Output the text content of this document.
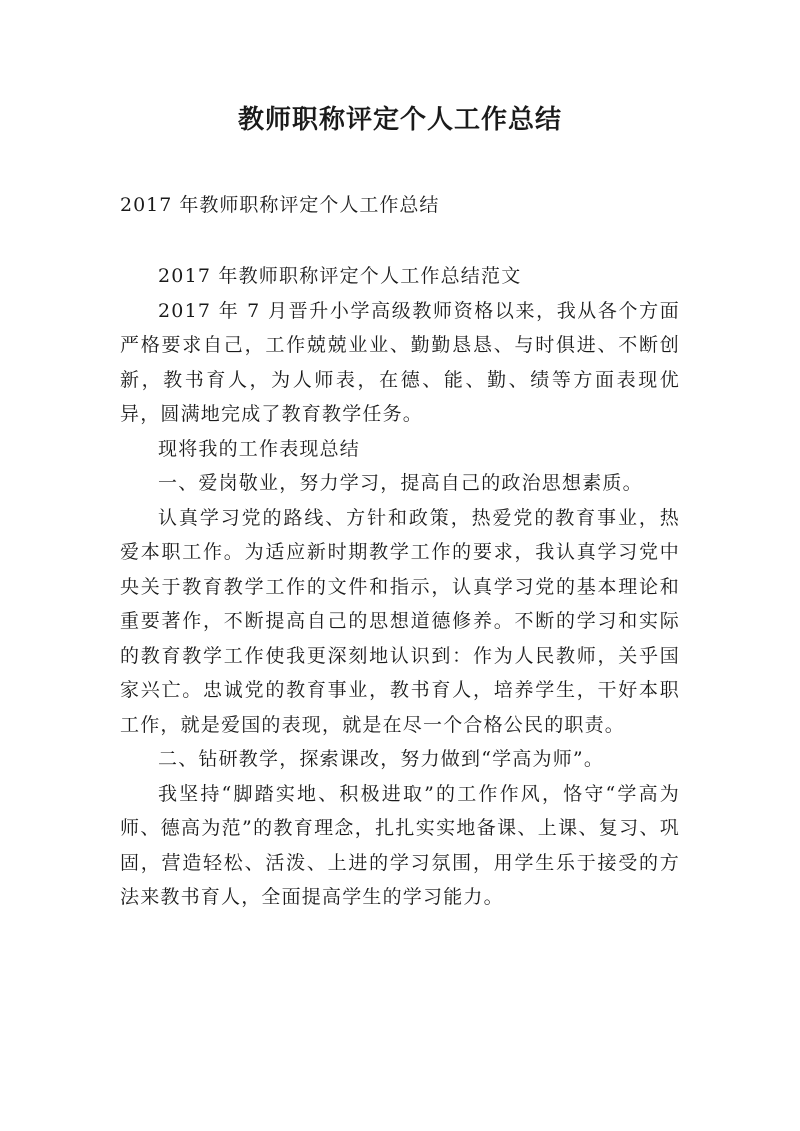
教师职称评定个人工作总结

2017 年教师职称评定个人工作总结

2017 年教师职称评定个人工作总结范文

2017 年 7 月晋升小学高级教师资格以来，我从各个方面严格要求自己，工作兢兢业业、勤勤恳恳、与时俱进、不断创新，教书育人，为人师表，在德、能、勤、绩等方面表现优异，圆满地完成了教育教学任务。

现将我的工作表现总结

一、爱岗敬业，努力学习，提高自己的政治思想素质。

认真学习党的路线、方针和政策，热爱党的教育事业，热爱本职工作。为适应新时期教学工作的要求，我认真学习党中央关于教育教学工作的文件和指示，认真学习党的基本理论和重要著作，不断提高自己的思想道德修养。不断的学习和实际的教育教学工作使我更深刻地认识到：作为人民教师，关乎国家兴亡。忠诚党的教育事业，教书育人，培养学生，干好本职工作，就是爱国的表现，就是在尽一个合格公民的职责。

二、钻研教学，探索课改，努力做到“学高为师”。

我坚持“脚踏实地、积极进取”的工作作风，恪守“学高为师、德高为范”的教育理念，扎扎实实地备课、上课、复习、巩固，营造轻松、活泼、上进的学习氛围，用学生乐于接受的方法来教书育人，全面提高学生的学习能力。
